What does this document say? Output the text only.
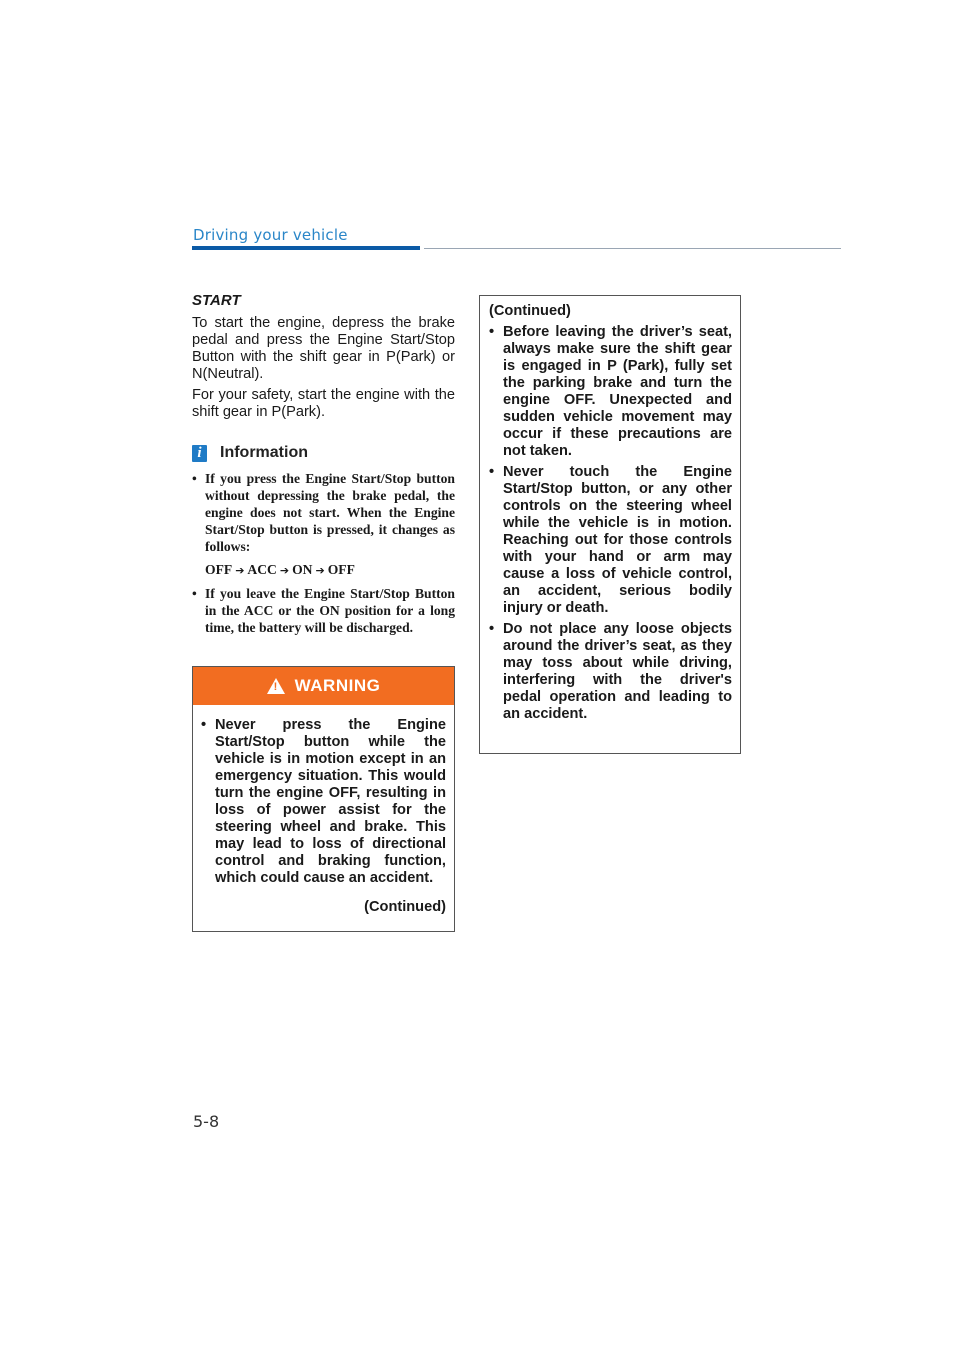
Driving your vehicle
START

To start the engine, depress the brake pedal and press the Engine Start/Stop Button with the shift gear in P(Park) or N(Neutral).

For your safety, start the engine with the shift gear in P(Park).

i	Information
• If you press the Engine Start/Stop button without depressing the brake pedal, the engine does not start. When the Engine Start/Stop button is pressed, it changes as follows:
OFF ➔ ACC ➔ ON ➔ OFF
• If you leave the Engine Start/Stop Button in the ACC or the ON position for a long time, the battery will be discharged.
! WARNING
• Never press the Engine Start/Stop button while the vehicle is in motion except in an emergency situation. This would turn the engine OFF, resulting in loss of power assist for the steering wheel and brake. This may lead to loss of directional control and braking function, which could cause an accident.
(Continued)
(Continued)
• Before leaving the driver’s seat, always make sure the shift gear is engaged in P (Park), fully set the parking brake and turn the engine OFF. Unexpected and sudden vehicle movement may occur if these precautions are not taken.
• Never touch the Engine Start/Stop button, or any other controls on the steering wheel while the vehicle is in motion. Reaching out for those controls with your hand or arm may cause a loss of vehicle control, an accident, serious bodily injury or death.
• Do not place any loose objects around the driver’s seat, as they may toss about while driving, interfering with the driver's pedal operation and leading to an accident.
5-8
